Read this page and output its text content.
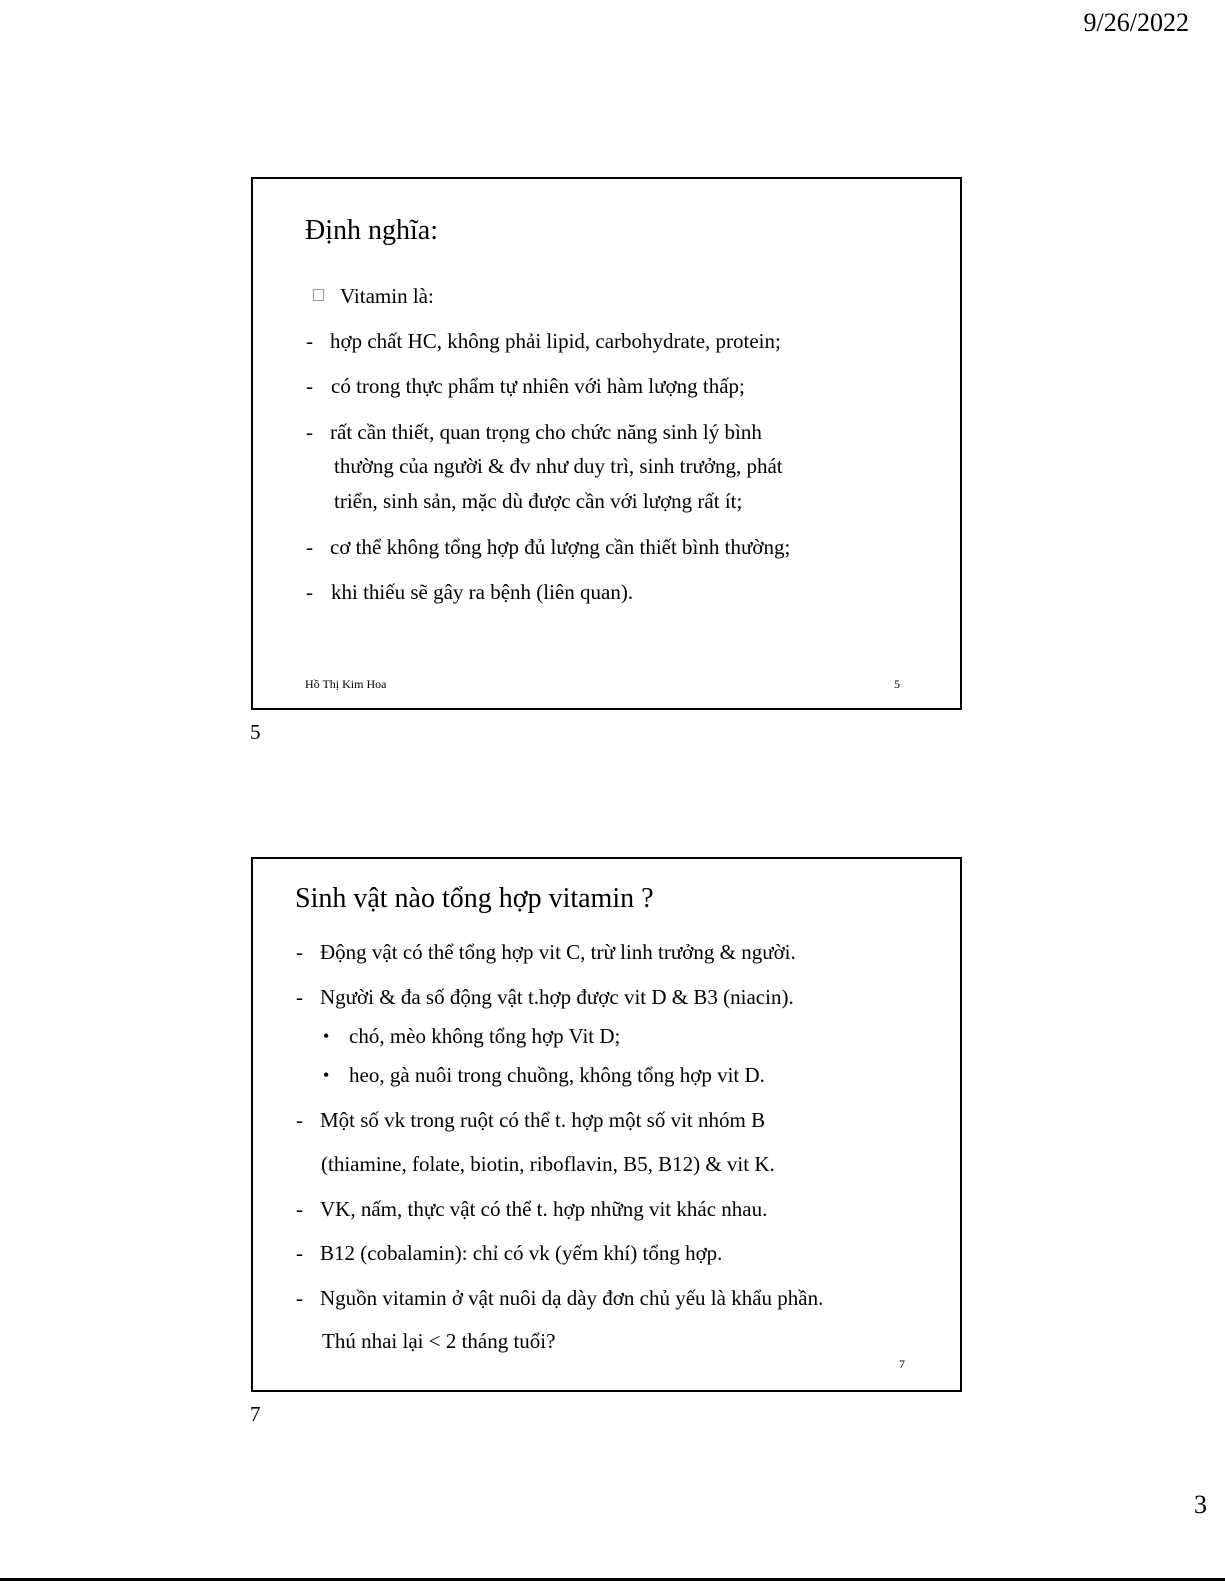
9/26/2022
Định nghĩa:
Vitamin là:
- hợp chất HC, không phải lipid, carbohydrate, protein;
- có trong thực phẩm tự nhiên với hàm lượng thấp;
- rất cần thiết, quan trọng cho chức năng sinh lý bình
thường của người & đv như duy trì, sinh trưởng, phát
triển, sinh sản, mặc dù được cần với lượng rất ít;
- cơ thể không tổng hợp đủ lượng cần thiết bình thường;
- khi thiếu sẽ gây ra bệnh (liên quan).
Hồ Thị Kim Hoa	5
5
Sinh vật nào tổng hợp vitamin ?
- Động vật có thể tổng hợp vit C, trừ linh trưởng & người.
- Người & đa số động vật t.hợp được vit D & B3 (niacin).
• chó, mèo không tổng hợp Vit D;
• heo, gà nuôi trong chuồng, không tổng hợp vit D.
- Một số vk trong ruột có thể t. hợp một số vit nhóm B
(thiamine, folate, biotin, riboflavin, B5, B12) & vit K.
- VK, nấm, thực vật có thể t. hợp những vit khác nhau.
- B12 (cobalamin): chỉ có vk (yếm khí) tổng hợp.
- Nguồn vitamin ở vật nuôi dạ dày đơn chủ yếu là khẩu phần.
Thú nhai lại < 2 tháng tuổi?
7
7
3
